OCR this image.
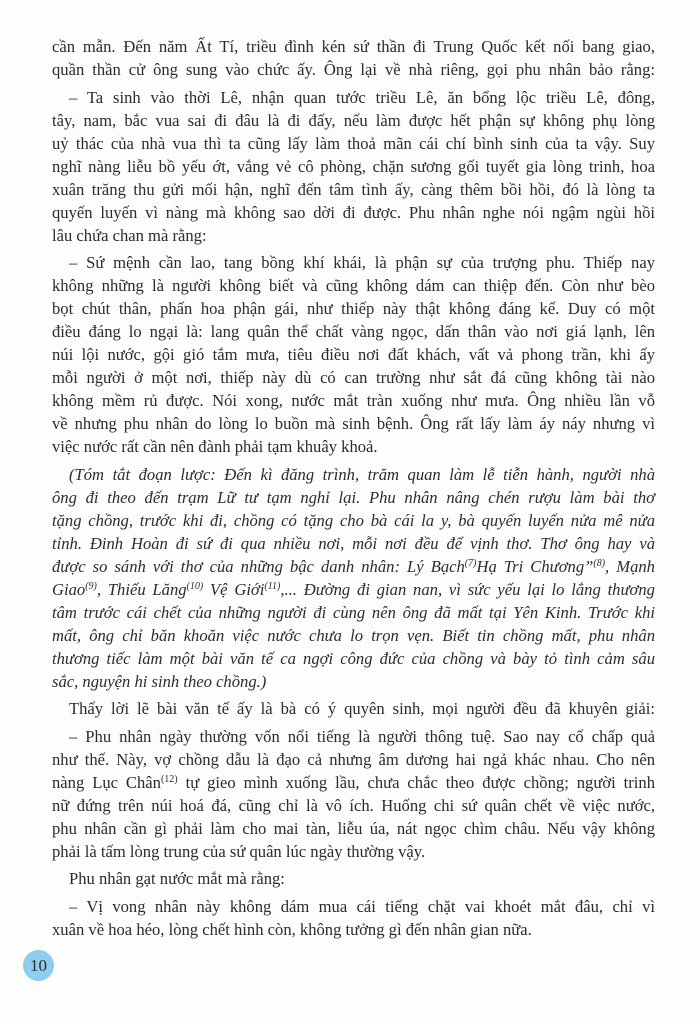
cần mẫn. Đến năm Ất Tí, triều đình kén sứ thần đi Trung Quốc kết nối bang giao,
quần thần cử ông sung vào chức ấy. Ông lại về nhà riêng, gọi phu nhân bảo rằng:
– Ta sinh vào thời Lê, nhận quan tước triều Lê, ăn bổng lộc triều Lê, đông,
tây, nam, bắc vua sai đi đâu là đi đấy, nếu làm được hết phận sự không phụ lòng
uỷ thác của nhà vua thì ta cũng lấy làm thoả mãn cái chí bình sinh của ta vậy. Suy
nghĩ nàng liễu bồ yếu ớt, vắng vẻ cô phòng, chặn sương gối tuyết gia lòng trinh, hoa
xuân trăng thu gửi mối hận, nghĩ đến tâm tình ấy, càng thêm bồi hồi, đó là lòng ta
quyến luyến vì nàng mà không sao dời đi được. Phu nhân nghe nói ngậm ngùi hồi
lâu chứa chan mà rằng:
– Sứ mệnh cần lao, tang bồng khí khái, là phận sự của trượng phu. Thiếp nay
không những là người không biết và cũng không dám can thiệp đến. Còn như bèo
bọt chút thân, phấn hoa phận gái, như thiếp này thật không đáng kể. Duy có một
điều đáng lo ngại là: lang quân thể chất vàng ngọc, dấn thân vào nơi giá lạnh, lên
núi lội nước, gội gió tắm mưa, tiêu điều nơi đất khách, vất vả phong trần, khi ấy
mỗi người ở một nơi, thiếp này dù có can trường như sắt đá cũng không tài nào
không mềm rủ được. Nói xong, nước mắt tràn xuống như mưa. Ông nhiều lần vỗ
về nhưng phu nhân do lòng lo buồn mà sinh bệnh. Ông rất lấy làm áy náy nhưng vì
việc nước rất cần nên đành phải tạm khuây khoả.
(Tóm tắt đoạn lược: Đến kì đăng trình, trăm quan làm lễ tiễn hành, người nhà
ông đi theo đến trạm Lữ tư tạm nghỉ lại. Phu nhân nâng chén rượu làm bài thơ
tặng chồng, trước khi đi, chồng có tặng cho bà cái la y, bà quyến luyến nửa mê nửa
tỉnh. Đinh Hoàn đi sứ đi qua nhiều nơi, mỗi nơi đều để vịnh thơ. Thơ ông hay và
được so sánh với thơ của những bậc danh nhân: Lý Bạch$^{(7)}$Hạ Tri Chương”$^{(8)}$, Mạnh
Giao$^{(9)}$, Thiếu Lăng$^{(10)}$ Vệ Giới$^{(11)}$,... Đường đi gian nan, vì sức yếu lại lo lắng thương
tâm trước cái chết của những người đi cùng nên ông đã mất tại Yên Kinh. Trước khi
mất, ông chỉ băn khoăn việc nước chưa lo trọn vẹn. Biết tin chồng mất, phu nhân
thương tiếc làm một bài văn tế ca ngợi công đức của chồng và bày tỏ tình cảm sâu
sắc, nguyện hi sinh theo chồng.)
Thấy lời lẽ bài văn tế ấy là bà có ý quyên sinh, mọi người đều đã khuyên giải:
– Phu nhân ngày thường vốn nổi tiếng là người thông tuệ. Sao nay cố chấp quả
như thế. Này, vợ chồng dẫu là đạo cả nhưng âm dương hai ngả khác nhau. Cho nên
nàng Lục Chân$^{(12)}$ tự gieo mình xuống lầu, chưa chắc theo được chồng; người trinh
nữ đứng trên núi hoá đá, cũng chỉ là vô ích. Huống chi sứ quân chết về việc nước,
phu nhân cần gì phải làm cho mai tàn, liễu úa, nát ngọc chìm châu. Nếu vậy không
phải là tấm lòng trung của sứ quân lúc ngày thường vậy.
Phu nhân gạt nước mắt mà rằng:
– Vị vong nhân này không dám mua cái tiếng chặt vai khoét mắt đâu, chỉ vì
xuân về hoa héo, lòng chết hình còn, không tưởng gì đến nhân gian nữa.
10
